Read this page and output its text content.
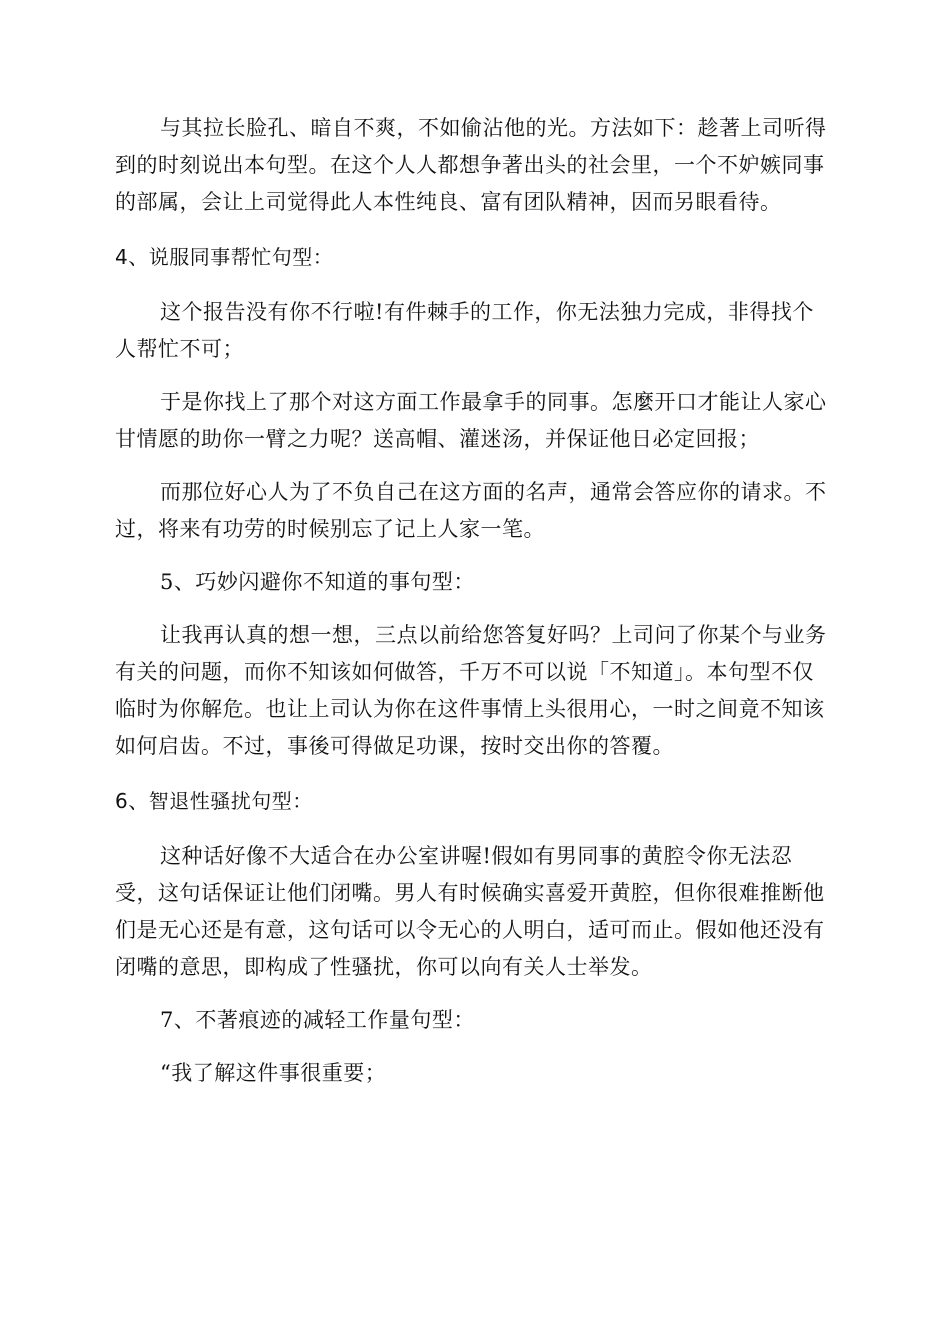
与其拉长脸孔、暗自不爽，不如偷沾他的光。方法如下：趁著上司听得到的时刻说出本句型。在这个人人都想争著出头的社会里，一个不妒嫉同事的部属，会让上司觉得此人本性纯良、富有团队精神，因而另眼看待。

4、说服同事帮忙句型：

这个报告没有你不行啦!有件棘手的工作，你无法独力完成，非得找个人帮忙不可；

于是你找上了那个对这方面工作最拿手的同事。怎麼开口才能让人家心甘情愿的助你一臂之力呢？送高帽、灌迷汤，并保证他日必定回报；

而那位好心人为了不负自己在这方面的名声，通常会答应你的请求。不过，将来有功劳的时候别忘了记上人家一笔。

5、巧妙闪避你不知道的事句型：

让我再认真的想一想，三点以前给您答复好吗？上司问了你某个与业务有关的问题，而你不知该如何做答，千万不可以说「不知道」。本句型不仅临时为你解危。也让上司认为你在这件事情上头很用心，一时之间竟不知该如何启齿。不过，事後可得做足功课，按时交出你的答覆。

6、智退性骚扰句型：

这种话好像不大适合在办公室讲喔!假如有男同事的黄腔令你无法忍受，这句话保证让他们闭嘴。男人有时候确实喜爱开黄腔，但你很难推断他们是无心还是有意，这句话可以令无心的人明白，适可而止。假如他还没有闭嘴的意思，即构成了性骚扰，你可以向有关人士举发。

7、不著痕迹的减轻工作量句型：

“我了解这件事很重要；
